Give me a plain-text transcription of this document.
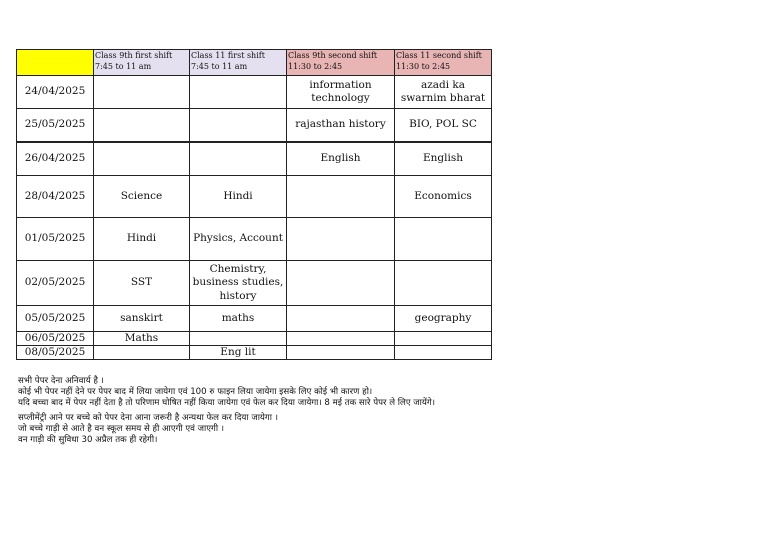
	Class 9th first shift 7:45 to 11 am	Class 11 first shift 7:45 to 11 am	Class 9th second shift 11:30 to 2:45	Class 11 second shift 11:30 to 2:45
24/04/2025			information technology	azadi ka swarnim bharat
25/05/2025			rajasthan history	BIO, POL SC
26/04/2025			English	English
28/04/2025	Science	Hindi		Economics
01/05/2025	Hindi	Physics, Account		
02/05/2025	SST	Chemistry, business studies, history		
05/05/2025	sanskirt	maths		geography
06/05/2025	Maths			
08/05/2025		Eng lit		

सभी पेपर देना अनिवार्य है ।

कोई भी पेपर नहीं देने पर पेपर बाद में लिया जायेगा एवं 100 रु फाइन लिया जायेगा इसके लिए कोई भी कारण हो।

यदि बच्चा बाद में पेपर नहीं देता है तो परिणाम घोषित नहीं किया जायेगा एवं फेल कर दिया जायेगा। 8 मई तक सारे पेपर ले लिए जायेंगे।

सप्लीमेंट्री आने पर बच्चे को पेपर देना आना जरूरी है अन्यथा फेल कर दिया जायेगा ।

जो बच्चे गाड़ी से आते है वन स्कूल समय से ही आएगी एवं जाएगी ।

वन गाड़ी की सुविधा 30 अप्रैल तक ही रहेगी।
